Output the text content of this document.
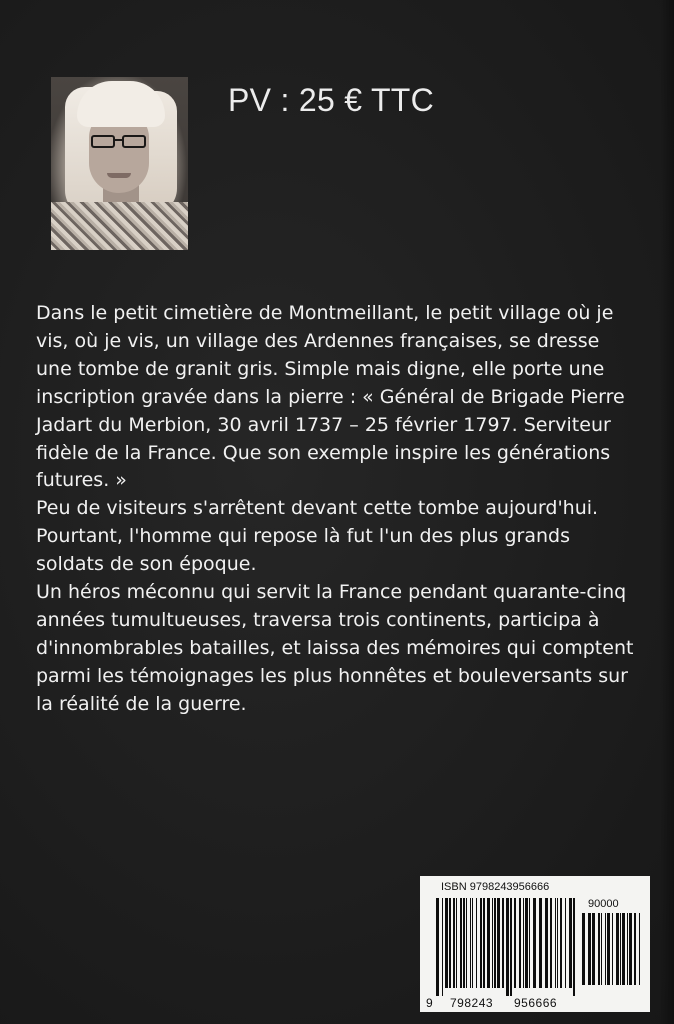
PV : 25 € TTC

Dans le petit cimetière de Montmeillant, le petit village où je vis, où je vis, un village des Ardennes françaises, se dresse une tombe de granit gris. Simple mais digne, elle porte une inscription gravée dans la pierre : « Général de Brigade Pierre Jadart du Merbion, 30 avril 1737 – 25 février 1797. Serviteur fidèle de la France. Que son exemple inspire les générations futures. »

Peu de visiteurs s'arrêtent devant cette tombe aujourd'hui. Pourtant, l'homme qui repose là fut l'un des plus grands soldats de son époque.

Un héros méconnu qui servit la France pendant quarante-cinq années tumultueuses, traversa trois continents, participa à d'innombrables batailles, et laissa des mémoires qui comptent parmi les témoignages les plus honnêtes et bouleversants sur la réalité de la guerre.

ISBN 9798243956666
90000
9 798243 956666
